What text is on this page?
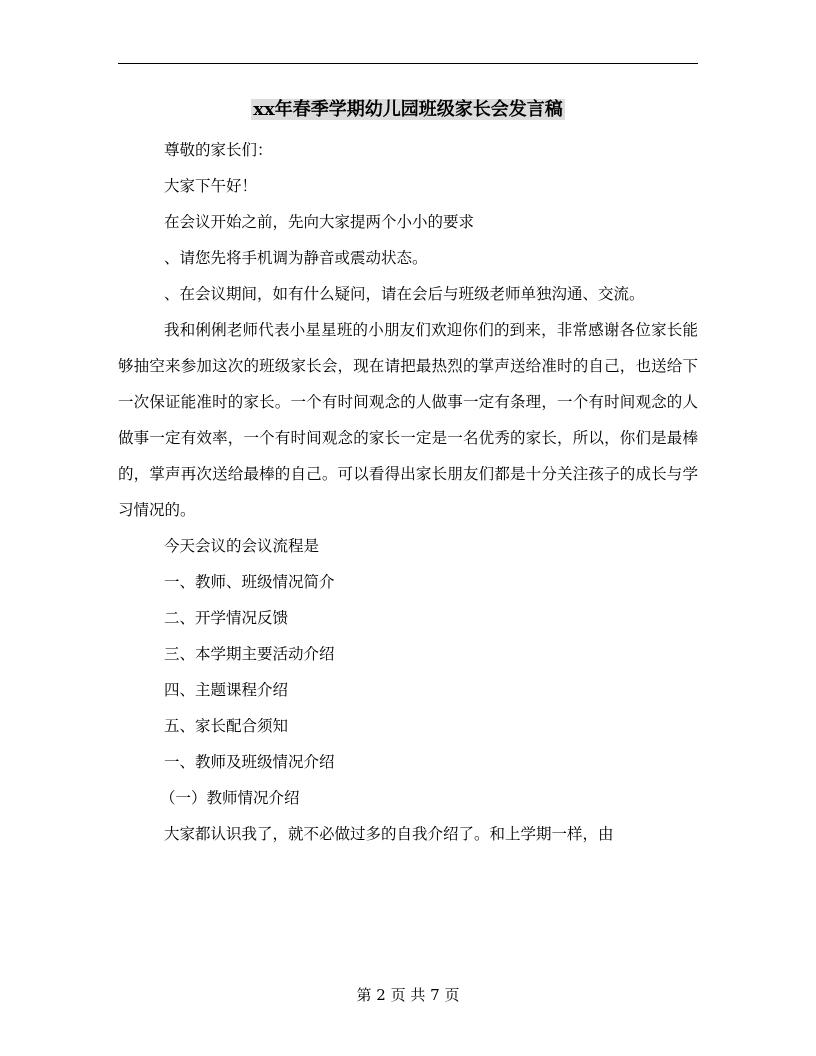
xx年春季学期幼儿园班级家长会发言稿

尊敬的家长们：

大家下午好！

在会议开始之前，先向大家提两个小小的要求

、请您先将手机调为静音或震动状态。

、在会议期间，如有什么疑问，请在会后与班级老师单独沟通、交流。

我和俐俐老师代表小星星班的小朋友们欢迎你们的到来，非常感谢各位家长能够抽空来参加这次的班级家长会，现在请把最热烈的掌声送给准时的自己，也送给下一次保证能准时的家长。一个有时间观念的人做事一定有条理，一个有时间观念的人做事一定有效率，一个有时间观念的家长一定是一名优秀的家长，所以，你们是最棒的，掌声再次送给最棒的自己。可以看得出家长朋友们都是十分关注孩子的成长与学习情况的。

今天会议的会议流程是

一、教师、班级情况简介

二、开学情况反馈

三、本学期主要活动介绍

四、主题课程介绍

五、家长配合须知

一、教师及班级情况介绍

（一）教师情况介绍

大家都认识我了，就不必做过多的自我介绍了。和上学期一样，由

第 2 页 共 7 页
